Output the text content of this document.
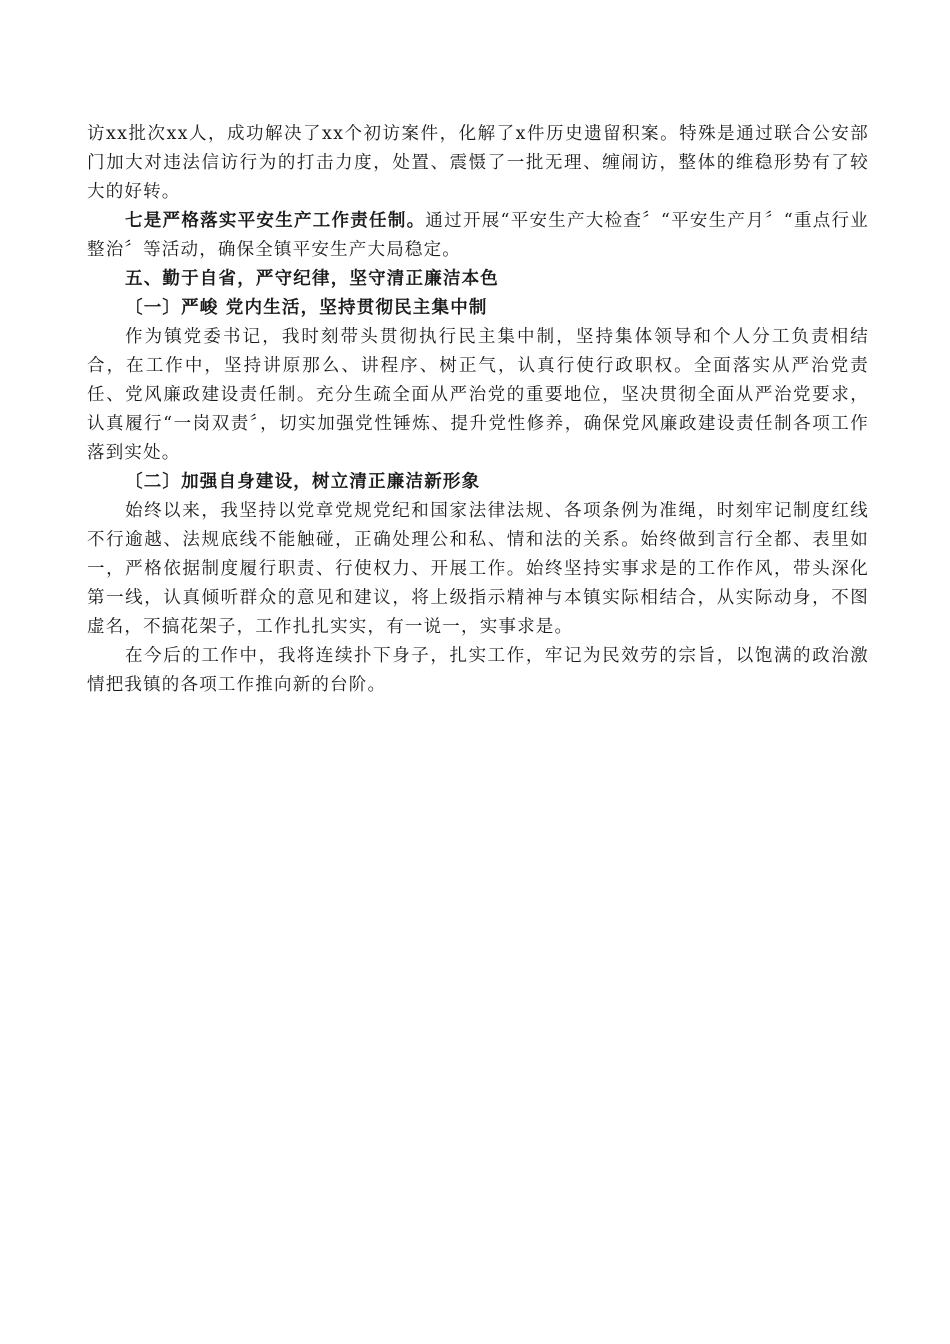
访xx批次xx人，成功解决了xx个初访案件，化解了x件历史遗留积案。特殊是通过联合公安部门加大对违法信访行为的打击力度，处置、震慑了一批无理、缠闹访，整体的维稳形势有了较大的好转。

七是严格落实平安生产工作责任制。通过开展“平安生产大检查〞“平安生产月〞“重点行业整治〞等活动，确保全镇平安生产大局稳定。

五、勤于自省，严守纪律，坚守清正廉洁本色

〔一〕严峻 党内生活，坚持贯彻民主集中制

作为镇党委书记，我时刻带头贯彻执行民主集中制，坚持集体领导和个人分工负责相结合，在工作中，坚持讲原那么、讲程序、树正气，认真行使行政职权。全面落实从严治党责任、党风廉政建设责任制。充分生疏全面从严治党的重要地位，坚决贯彻全面从严治党要求，认真履行“一岗双责〞，切实加强党性锤炼、提升党性修养，确保党风廉政建设责任制各项工作落到实处。

〔二〕加强自身建设，树立清正廉洁新形象

始终以来，我坚持以党章党规党纪和国家法律法规、各项条例为准绳，时刻牢记制度红线不行逾越、法规底线不能触碰，正确处理公和私、情和法的关系。始终做到言行全都、表里如一，严格依据制度履行职责、行使权力、开展工作。始终坚持实事求是的工作作风，带头深化第一线，认真倾听群众的意见和建议，将上级指示精神与本镇实际相结合，从实际动身，不图虚名，不搞花架子，工作扎扎实实，有一说一，实事求是。

在今后的工作中，我将连续扑下身子，扎实工作，牢记为民效劳的宗旨，以饱满的政治激情把我镇的各项工作推向新的台阶。
